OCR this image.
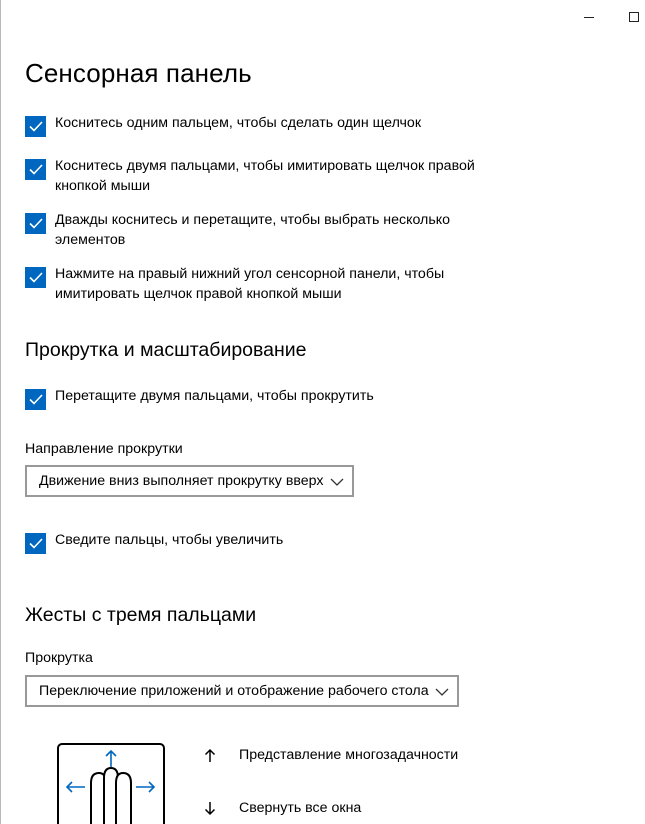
Сенсорная панель
Коснитесь одним пальцем, чтобы сделать один щелчок
Коснитесь двумя пальцами, чтобы имитировать щелчок правой кнопкой мыши
Дважды коснитесь и перетащите, чтобы выбрать несколько элементов
Нажмите на правый нижний угол сенсорной панели, чтобы имитировать щелчок правой кнопкой мыши
Прокрутка и масштабирование
Перетащите двумя пальцами, чтобы прокрутить
Направление прокрутки
Движение вниз выполняет прокрутку вверх
Сведите пальцы, чтобы увеличить
Жесты с тремя пальцами
Прокрутка
Переключение приложений и отображение рабочего стола
Представление многозадачности
Свернуть все окна
